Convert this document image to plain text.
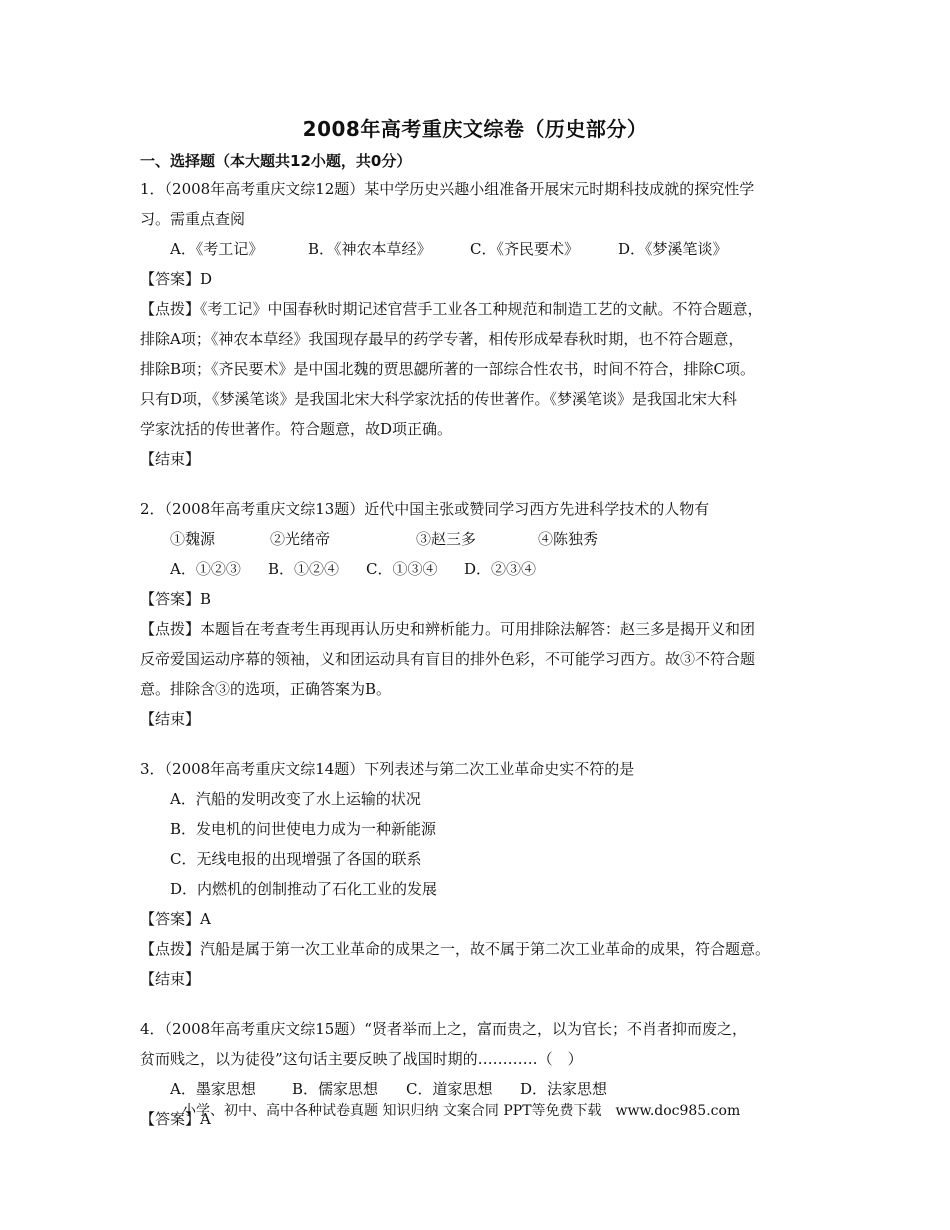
2008年高考重庆文综卷（历史部分）
一、选择题（本大题共12小题，共0分）
1．（2008年高考重庆文综12题）某中学历史兴趣小组准备开展宋元时期科技成就的探究性学
习。需重点查阅
A．《考工记》	B．《神农本草经》	C．《齐民要术》	D．《梦溪笔谈》
【答案】D
【点拨】《考工记》中国春秋时期记述官营手工业各工种规范和制造工艺的文献。不符合题意，
排除A项；《神农本草经》我国现存最早的药学专著，相传形成晕春秋时期，也不符合题意，
排除B项；《齐民要术》是中国北魏的贾思勰所著的一部综合性农书，时间不符合，排除C项。
只有D项，《梦溪笔谈》是我国北宋大科学家沈括的传世著作。《梦溪笔谈》是我国北宋大科
学家沈括的传世著作。符合题意，故D项正确。
【结束】
2．（2008年高考重庆文综13题）近代中国主张或赞同学习西方先进科学技术的人物有
①魏源	②光绪帝	③赵三多	④陈独秀
A．①②③ B．①②④ C．①③④ D．②③④
【答案】B
【点拨】本题旨在考查考生再现再认历史和辨析能力。可用排除法解答：赵三多是揭开义和团
反帝爱国运动序幕的领袖，义和团运动具有盲目的排外色彩，不可能学习西方。故③不符合题
意。排除含③的选项，正确答案为B。
【结束】
3．（2008年高考重庆文综14题）下列表述与第二次工业革命史实不符的是
A．汽船的发明改变了水上运输的状况
B．发电机的问世使电力成为一种新能源
C．无线电报的出现增强了各国的联系
D．内燃机的创制推动了石化工业的发展
【答案】A
【点拨】汽船是属于第一次工业革命的成果之一，故不属于第二次工业革命的成果，符合题意。
【结束】
4．（2008年高考重庆文综15题）“贤者举而上之，富而贵之，以为官长；不肖者抑而废之，
贫而贱之，以为徒役”这句话主要反映了战国时期的…………（　）
A．墨家思想 B．儒家思想 C．道家思想 D．法家思想
【答案】A
小学、初中、高中各种试卷真题 知识归纳 文案合同 PPT等免费下载　www.doc985.com
